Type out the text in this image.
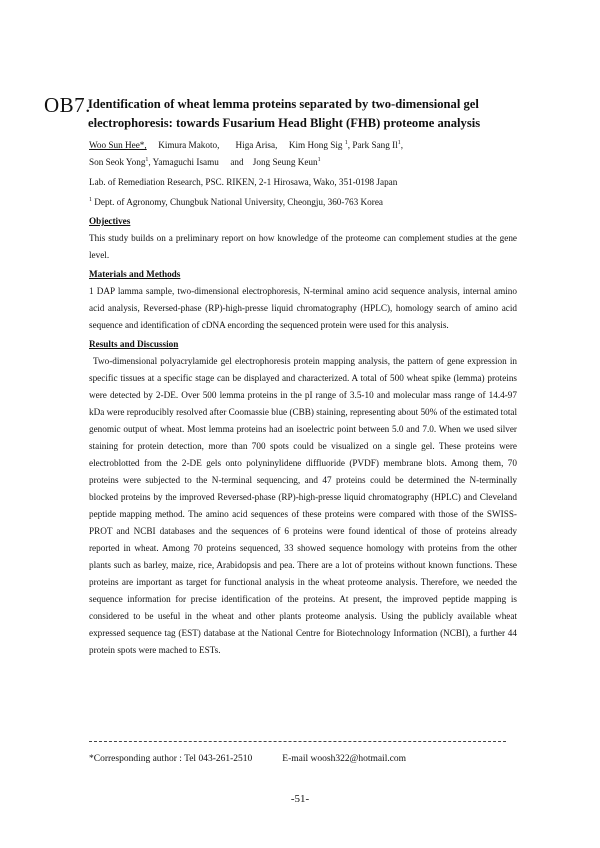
OB7.
Identification of wheat lemma proteins separated by two-dimensional gel electrophoresis: towards Fusarium Head Blight (FHB) proteome analysis

Woo Sun Hee*, Kimura Makoto, Higa Arisa, Kim Hong Sig $^1$, Park Sang Il$^1$,       Son Seok Yong$^1$, Yamaguchi Isamu and Jong Seung Keun$^1$

Lab. of Remediation Research, PSC. RIKEN, 2-1 Hirosawa, Wako, 351-0198 Japan

$^1$ Dept. of Agronomy, Chungbuk National University, Cheongju, 360-763 Korea

Objectives

This study builds on a preliminary report on how knowledge of the proteome can complement studies at the gene level.

Materials and Methods

1 DAP lamma sample, two-dimensional electrophoresis, N-terminal amino acid sequence analysis, internal amino acid analysis, Reversed-phase (RP)-high-presse liquid chromatography (HPLC), homology search of amino acid sequence and identification of cDNA encording the sequenced protein were used for this analysis.

Results and Discussion

Two-dimensional polyacrylamide gel electrophoresis protein mapping analysis, the pattern of gene expression in specific tissues at a specific stage can be displayed and characterized. A total of 500 wheat spike (lemma) proteins were detected by 2-DE. Over 500 lemma proteins in the pI range of 3.5-10 and molecular mass range of 14.4-97 kDa were reproducibly resolved after Coomassie blue (CBB) staining, representing about 50% of the estimated total genomic output of wheat. Most lemma proteins had an isoelectric point between 5.0 and 7.0. When we used silver staining for protein detection, more than 700 spots could be visualized on a single gel. These proteins were electroblotted from the 2-DE gels onto polyninylidene diffluoride (PVDF) membrane blots. Among them, 70 proteins were subjected to the N-terminal sequencing, and 47 proteins could be determined the N-terminally blocked proteins by the improved Reversed-phase (RP)-high-presse liquid chromatography (HPLC) and Cleveland peptide mapping method. The amino acid sequences of these proteins were compared with those of the SWISS-PROT and NCBI databases and the sequences of 6 proteins were found identical of those of proteins already reported in wheat. Among 70 proteins sequenced, 33 showed sequence homology with proteins from the other plants such as barley, maize, rice, Arabidopsis and pea. There are a lot of proteins without known functions. These proteins are important as target for functional analysis in the wheat proteome analysis. Therefore, we needed the sequence information for precise identification of the proteins. At present, the improved peptide mapping is considered to be useful in the wheat and other plants proteome analysis. Using the publicly available wheat expressed sequence tag (EST) database at the National Centre for Biotechnology Information (NCBI), a further 44 protein spots were mached to ESTs.

*Corresponding author : Tel 043-261-2510	E-mail woosh322@hotmail.com
-51-
